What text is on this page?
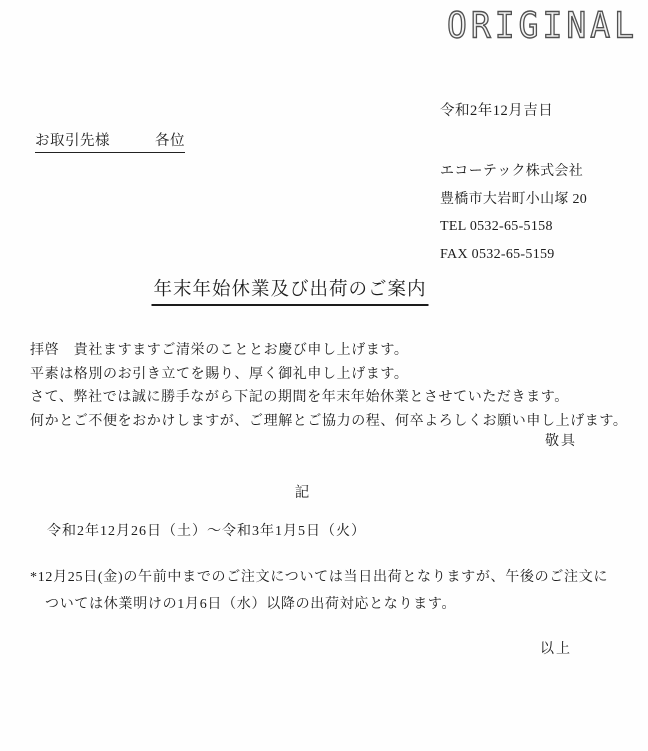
ORIGINAL
令和2年12月吉日
お取引先様　　　各位
エコーテック株式会社
豊橋市大岩町小山塚 20
TEL 0532-65-5158
FAX 0532-65-5159
年末年始休業及び出荷のご案内
拝啓　貴社ますますご清栄のこととお慶び申し上げます。
平素は格別のお引き立てを賜り、厚く御礼申し上げます。
さて、弊社では誠に勝手ながら下記の期間を年末年始休業とさせていただきます。
何かとご不便をおかけしますが、ご理解とご協力の程、何卒よろしくお願い申し上げます。
敬具
記
令和2年12月26日（土）～令和3年1月5日（火）
*12月25日(金)の午前中までのご注文については当日出荷となりますが、午後のご注文に
ついては休業明けの1月6日（水）以降の出荷対応となります。
以上
